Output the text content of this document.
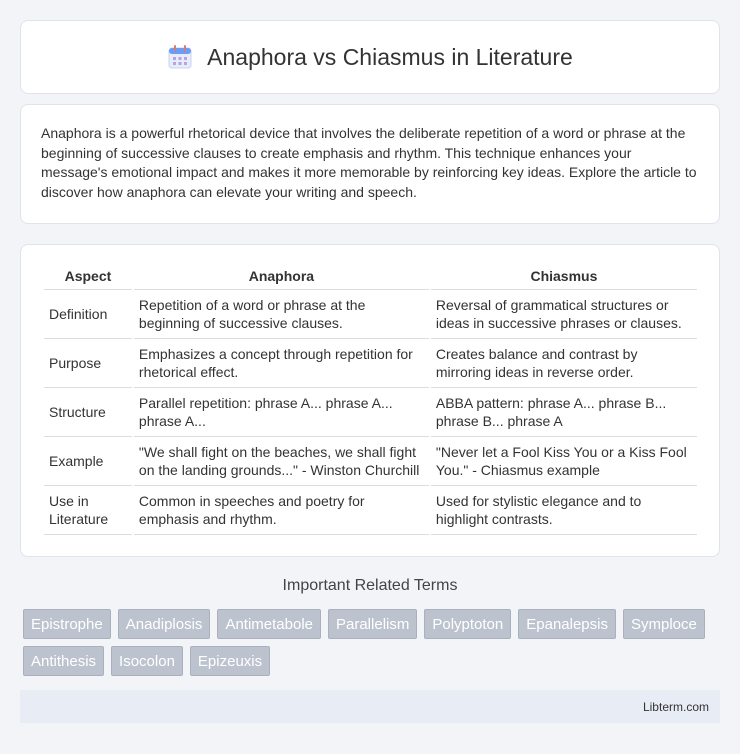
Anaphora vs Chiasmus in Literature

Anaphora is a powerful rhetorical device that involves the deliberate repetition of a word or phrase at the beginning of successive clauses to create emphasis and rhythm. This technique enhances your message's emotional impact and makes it more memorable by reinforcing key ideas. Explore the article to discover how anaphora can elevate your writing and speech.

Aspect	Anaphora	Chiasmus
Definition	Repetition of a word or phrase at the beginning of successive clauses.	Reversal of grammatical structures or ideas in successive phrases or clauses.
Purpose	Emphasizes a concept through repetition for rhetorical effect.	Creates balance and contrast by mirroring ideas in reverse order.
Structure	Parallel repetition: phrase A... phrase A... phrase A...	ABBA pattern: phrase A... phrase B... phrase B... phrase A
Example	"We shall fight on the beaches, we shall fight on the landing grounds..." - Winston Churchill	"Never let a Fool Kiss You or a Kiss Fool You." - Chiasmus example
Use in Literature	Common in speeches and poetry for emphasis and rhythm.	Used for stylistic elegance and to highlight contrasts.
Important Related Terms
Epistrophe	Anadiplosis	Antimetabole	Parallelism	Polyptoton	Epanalepsis	Symploce
Antithesis	Isocolon	Epizeuxis
Libterm.com
